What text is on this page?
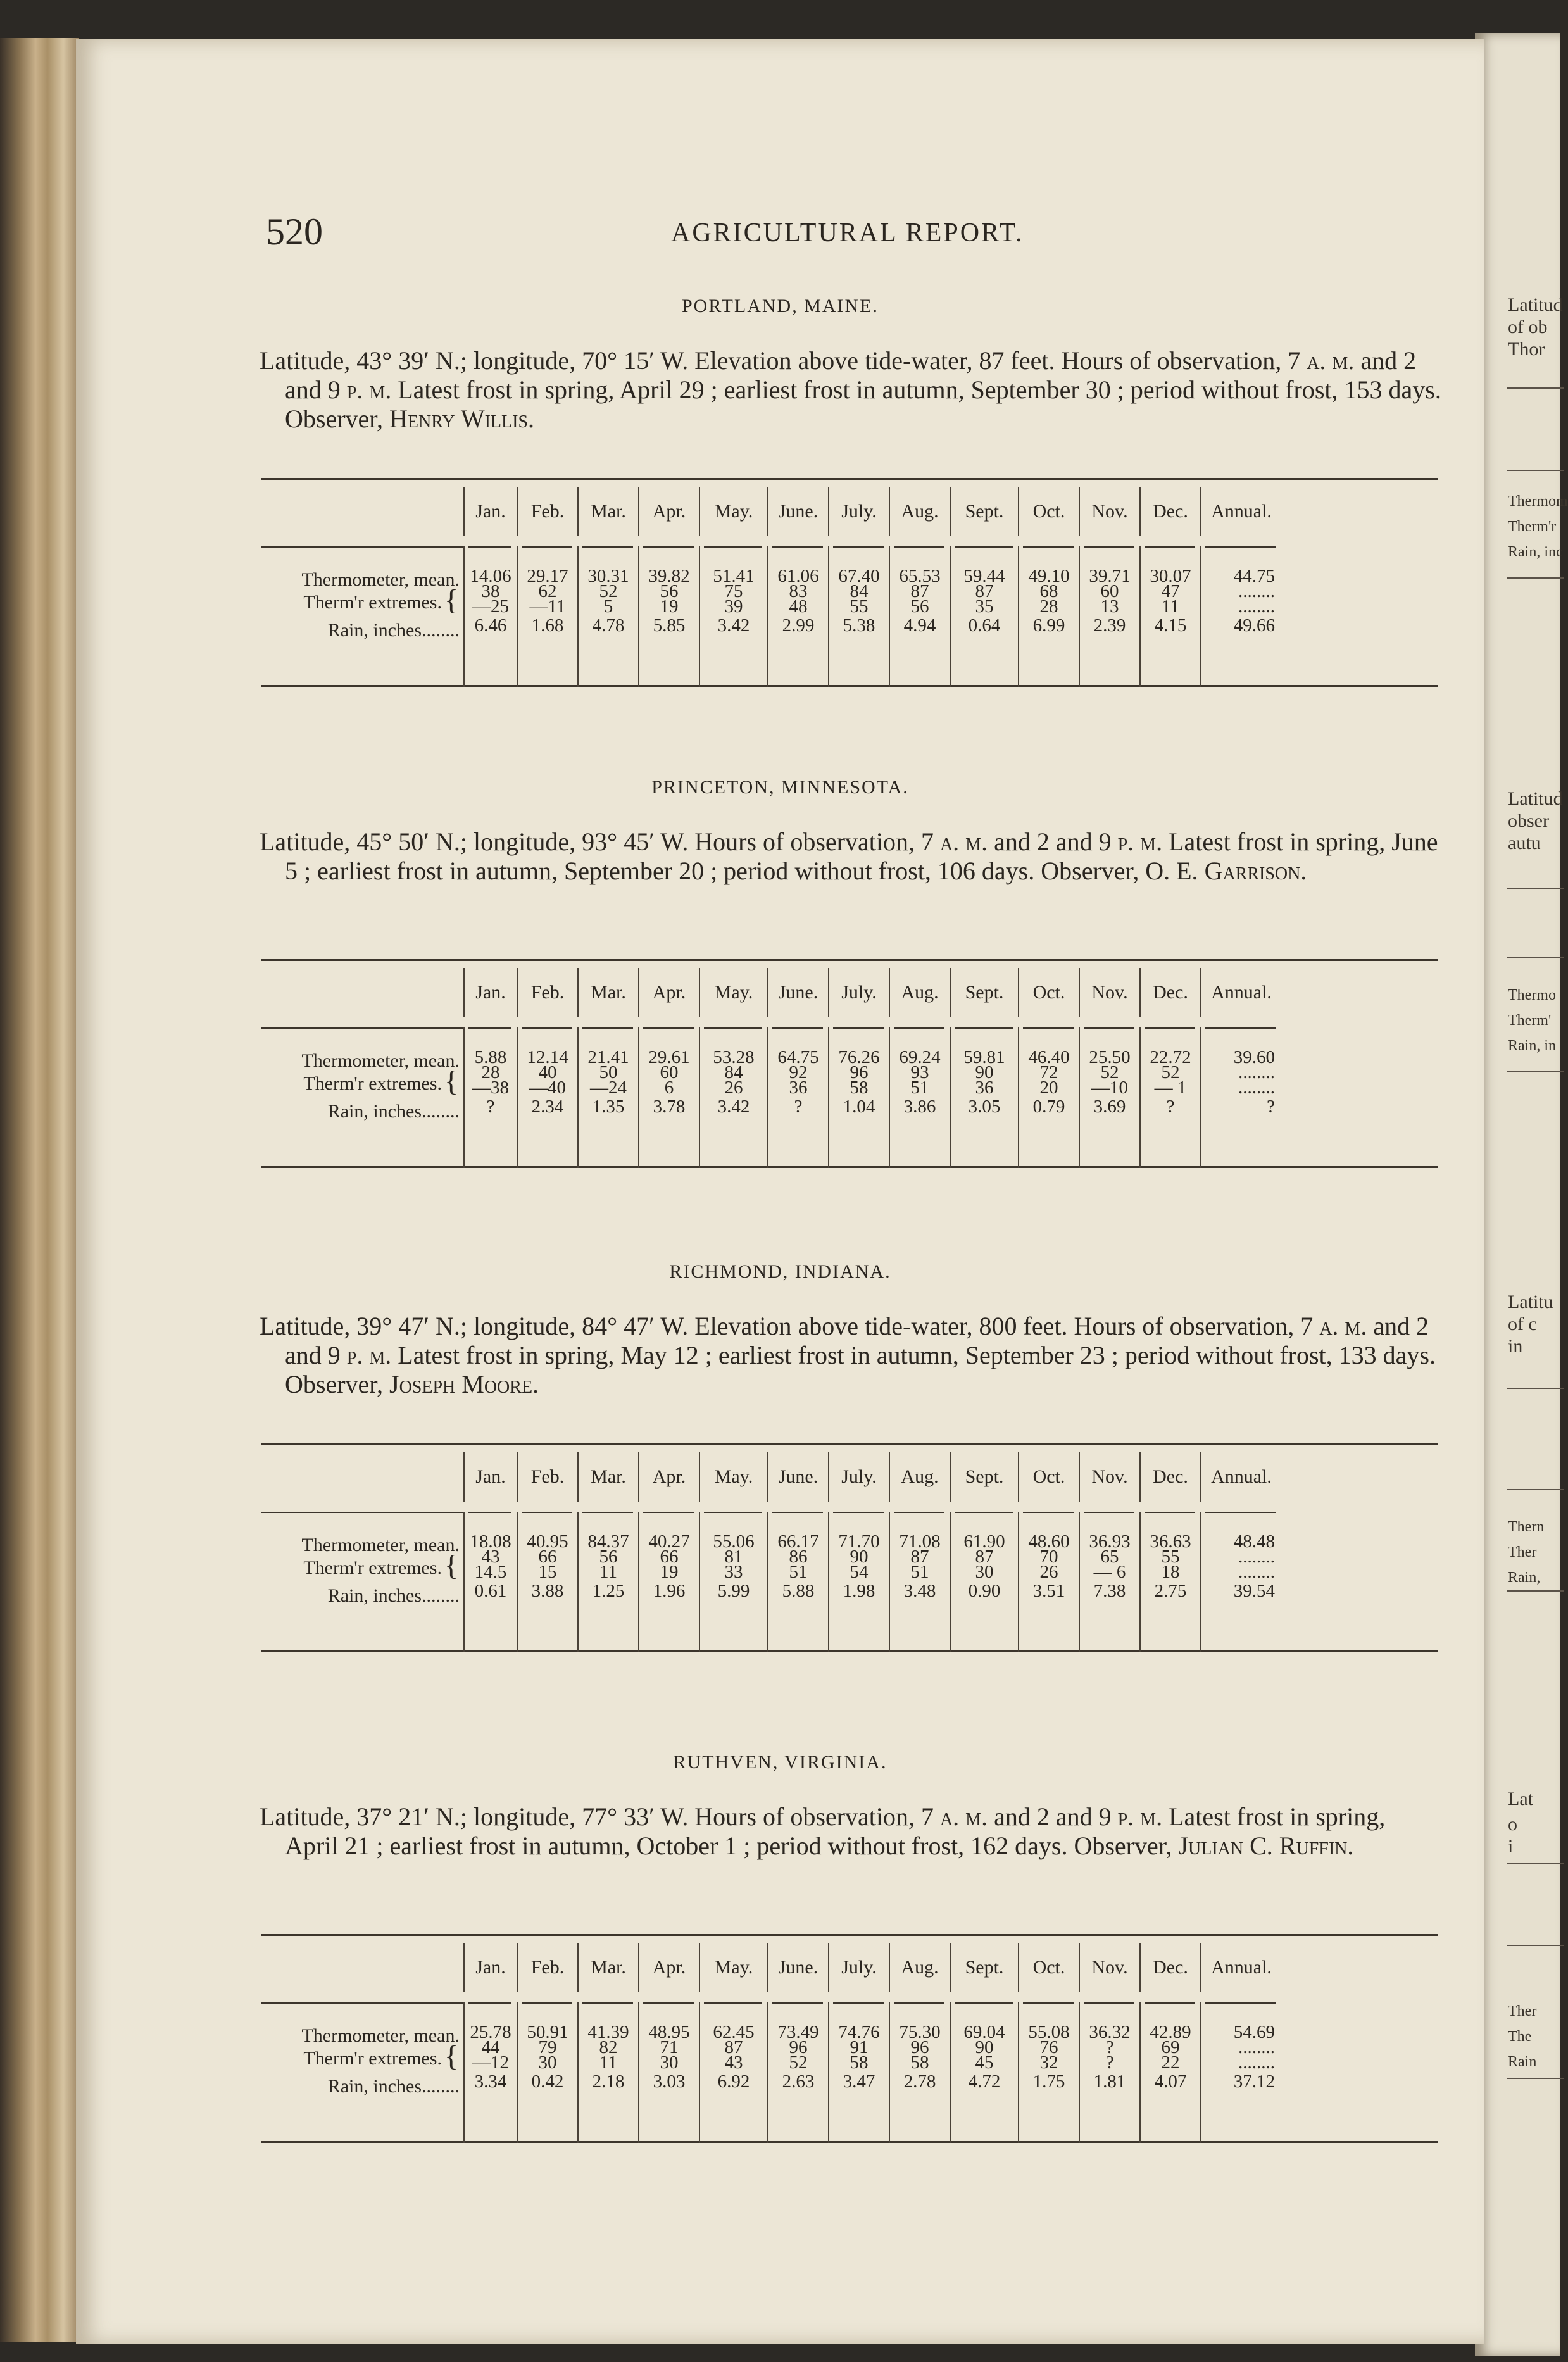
Latitud
of ob
Thor
Thermom
Therm'r
Rain, inc
Latitud
obser
autu
Thermo
Therm'
Rain, in
Latitu
of c
in
Thern
Ther
Rain,
Lat
o
i
Ther
The
Rain
520	AGRICULTURAL REPORT.
PORTLAND, MAINE.
Latitude, 43° 39′ N.; longitude, 70° 15′ W. Elevation above tide-water, 87 feet. Hours of observation, 7 a. m. and 2 and 9 p. m. Latest frost in spring, April 29 ; earliest frost in autumn, September 30 ; period without frost, 153 days. Observer, Henry Willis.
Thermometer, mean.
Therm'r extremes.
Rain, inches........
{
Jan.
14.06
38
—25
6.46
Feb.
29.17
62
—11
1.68
Mar.
30.31
52
5
4.78
Apr.
39.82
56
19
5.85
May.
51.41
75
39
3.42
June.
61.06
83
48
2.99
July.
67.40
84
55
5.38
Aug.
65.53
87
56
4.94
Sept.
59.44
87
35
0.64
Oct.
49.10
68
28
6.99
Nov.
39.71
60
13
2.39
Dec.
30.07
47
11
4.15
Annual.
44.75
........
........
49.66
PRINCETON, MINNESOTA.
Latitude, 45° 50′ N.; longitude, 93° 45′ W. Hours of observation, 7 a. m. and 2 and 9 p. m. Latest frost in spring, June 5 ; earliest frost in autumn, September 20 ; period without frost, 106 days. Observer, O. E. Garrison.
Thermometer, mean.
Therm'r extremes.
Rain, inches........
{
Jan.
5.88
28
—38
?
Feb.
12.14
40
—40
2.34
Mar.
21.41
50
—24
1.35
Apr.
29.61
60
6
3.78
May.
53.28
84
26
3.42
June.
64.75
92
36
?
July.
76.26
96
58
1.04
Aug.
69.24
93
51
3.86
Sept.
59.81
90
36
3.05
Oct.
46.40
72
20
0.79
Nov.
25.50
52
—10
3.69
Dec.
22.72
52
— 1
?
Annual.
39.60
........
........
?
RICHMOND, INDIANA.
Latitude, 39° 47′ N.; longitude, 84° 47′ W. Elevation above tide-water, 800 feet. Hours of observation, 7 a. m. and 2 and 9 p. m. Latest frost in spring, May 12 ; earliest frost in autumn, September 23 ; period without frost, 133 days. Observer, Joseph Moore.
Thermometer, mean.
Therm'r extremes.
Rain, inches........
{
Jan.
18.08
43
14.5
0.61
Feb.
40.95
66
15
3.88
Mar.
84.37
56
11
1.25
Apr.
40.27
66
19
1.96
May.
55.06
81
33
5.99
June.
66.17
86
51
5.88
July.
71.70
90
54
1.98
Aug.
71.08
87
51
3.48
Sept.
61.90
87
30
0.90
Oct.
48.60
70
26
3.51
Nov.
36.93
65
— 6
7.38
Dec.
36.63
55
18
2.75
Annual.
48.48
........
........
39.54
RUTHVEN, VIRGINIA.
Latitude, 37° 21′ N.; longitude, 77° 33′ W. Hours of observation, 7 a. m. and 2 and 9 p. m. Latest frost in spring, April 21 ; earliest frost in autumn, October 1 ; period without frost, 162 days. Observer, Julian C. Ruffin.
Thermometer, mean.
Therm'r extremes.
Rain, inches........
{
Jan.
25.78
44
—12
3.34
Feb.
50.91
79
30
0.42
Mar.
41.39
82
11
2.18
Apr.
48.95
71
30
3.03
May.
62.45
87
43
6.92
June.
73.49
96
52
2.63
July.
74.76
91
58
3.47
Aug.
75.30
96
58
2.78
Sept.
69.04
90
45
4.72
Oct.
55.08
76
32
1.75
Nov.
36.32
?
?
1.81
Dec.
42.89
69
22
4.07
Annual.
54.69
........
........
37.12
